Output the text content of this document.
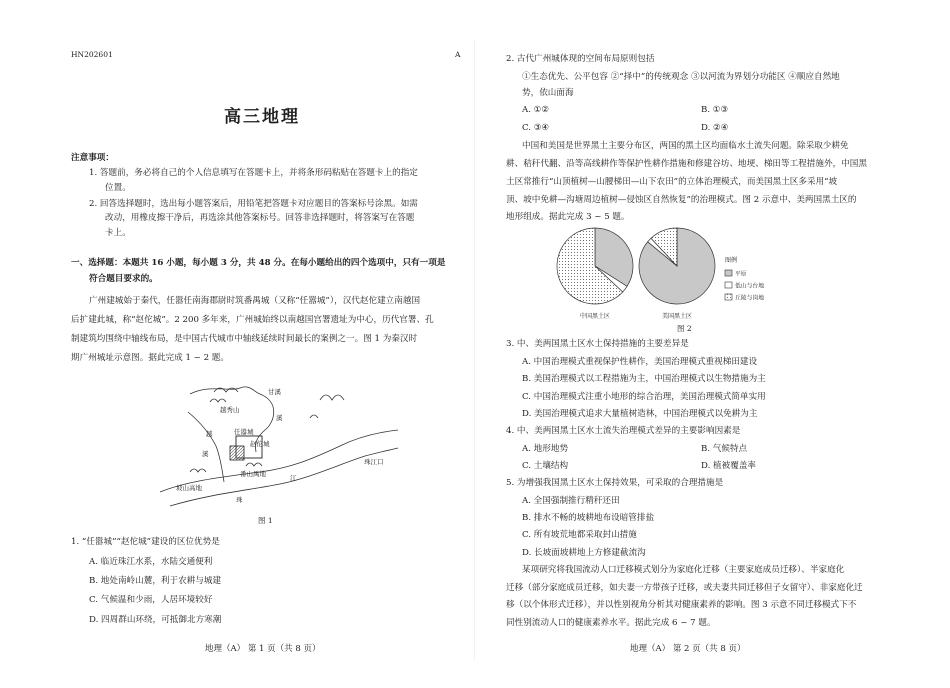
HN202601	A
高三地理
注意事项：
1. 答题前，务必将自己的个人信息填写在答题卡上，并将条形码粘贴在答题卡上的指定
位置。
2. 回答选择题时，选出每小题答案后，用铅笔把答题卡对应题目的答案标号涂黑。如需
改动，用橡皮擦干净后，再选涂其他答案标号。回答非选择题时，将答案写在答题
卡上。
一、选择题：本题共 16 小题，每小题 3 分，共 48 分。在每小题给出的四个选项中，只有一项是
符合题目要求的。
广州建城始于秦代，任嚣任南海郡尉时筑番禺城（又称“任嚣城”），汉代赵佗建立南越国
后扩建此城，称“赵佗城”。2 200 多年来，广州城始终以南越国宫署遗址为中心，历代官署、孔
制建筑均围绕中轴线布局，是中国古代城市中轴线延续时间最长的案例之一。图 1 为秦汉时
期广州城址示意图。据此完成 1 ~ 2 题。
越秀山
甘溪
任嚣城
赵佗城
番山禺地
坡山高地
江
珠江口
越
溪
溪
珠
图 1
1. “任嚣城”“赵佗城”建设的区位优势是
A. 临近珠江水系，水陆交通便利
B. 地处南岭山麓，利于农耕与城建
C. 气候温和少雨，人居环境较好
D. 四周群山环绕，可抵御北方寒潮
地理（A） 第 1 页（共 8 页）
2. 古代广州城体现的空间布局原则包括
①生态优先、公平包容 ②“择中”的传统观念 ③以河流为界划分功能区 ④顺应自然地
势，依山面海
A. ①②	B. ①③
C. ③④	D. ②④
中国和美国是世界黑土主要分布区，两国的黑土区均面临水土流失问题。除采取少耕免
耕、秸秆代翻、沿等高线耕作等保护性耕作措施和修建谷坊、地埂、梯田等工程措施外，中国黑
土区常推行“山顶植树—山腰梯田—山下农田”的立体治理模式，而美国黑土区多采用“坡
顶、坡中免耕—沟塘周边植树—侵蚀区自然恢复”的治理模式。图 2 示意中、美两国黑土区的
地形组成。据此完成 3 ~ 5 题。
中国黑土区	美国黑土区
图例
平原
低山与台地
丘陵与岗地
图 2
3. 中、美两国黑土区水土保持措施的主要差异是
A. 中国治理模式重视保护性耕作，美国治理模式重视梯田建设
B. 美国治理模式以工程措施为主，中国治理模式以生物措施为主
C. 中国治理模式注重小地形的综合治理，美国治理模式简单实用
D. 美国治理模式追求大量植树造林，中国治理模式以免耕为主
4. 中、美两国黑土区水土流失治理模式差异的主要影响因素是
A. 地形地势	B. 气候特点
C. 土壤结构	D. 植被覆盖率
5. 为增强我国黑土区水土保持效果，可采取的合理措施是
A. 全国强制推行精秆还田
B. 排水不畅的坡耕地布设暗管排盐
C. 所有坡荒地都采取封山措施
D. 长坡面坡耕地上方修建截流沟
某项研究将我国流动人口迁移模式划分为家庭化迁移（主要家庭成员迁移）、半家庭化
迁移（部分家庭成员迁移，如夫妻一方带孩子迁移，或夫妻共同迁移但子女留守）、非家庭化迁
移（以个体形式迁移），并以性别视角分析其对健康素养的影响。图 3 示意不同迁移模式下不
同性别流动人口的健康素养水平。据此完成 6 ~ 7 题。
地理（A） 第 2 页（共 8 页）
